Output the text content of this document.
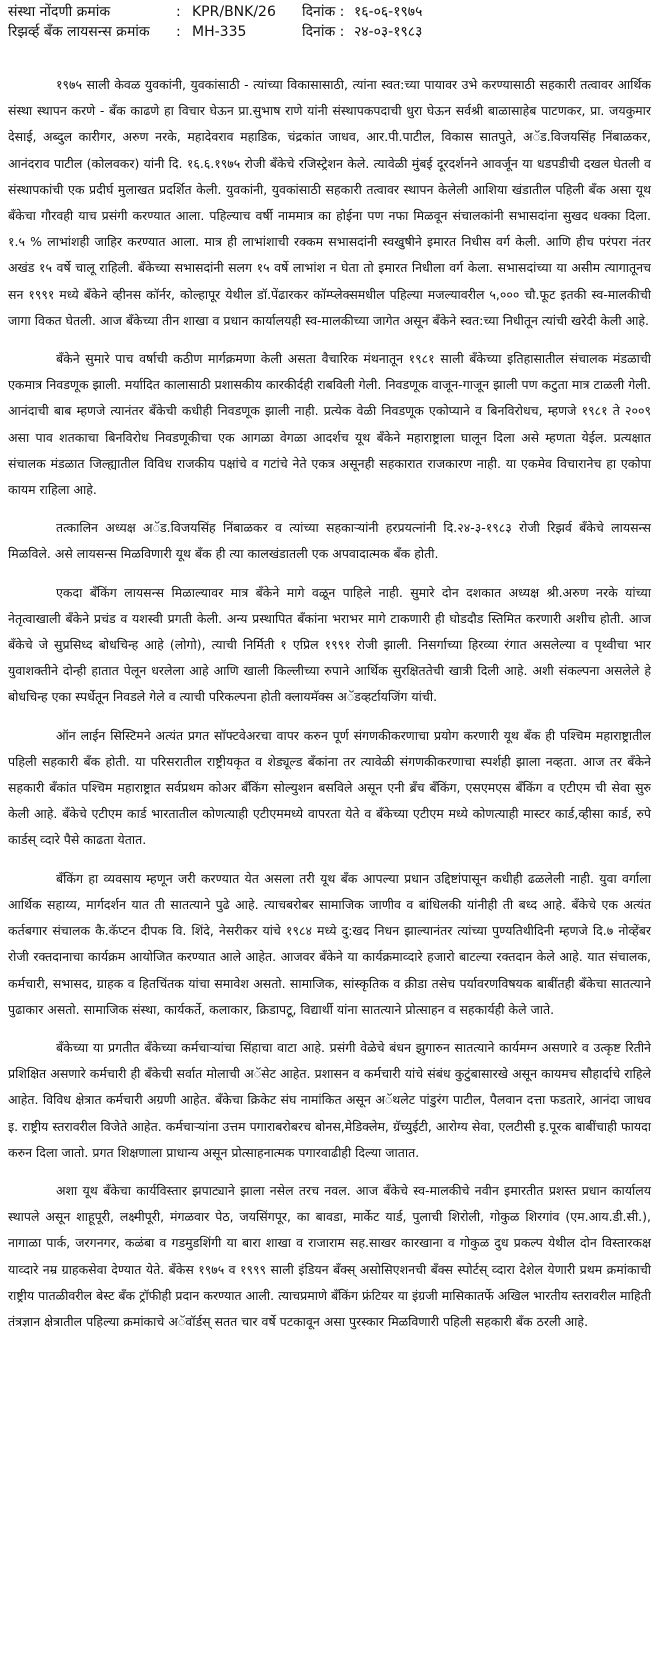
संस्था नोंदणी क्रमांक	: KPR/BNK/26	दिनांक : १६-०६-१९७५
रिझर्व्ह बँक लायसन्स क्रमांक	: MH-335	दिनांक : २४-०३-१९८३

१९७५ साली केवळ युवकांनी, युवकांसाठी - त्यांच्या विकासासाठी, त्यांना स्वत:च्या पायावर उभे करण्यासाठी सहकारी तत्वावर आर्थिक संस्था स्थापन करणे - बँक काढणे हा विचार घेऊन प्रा.सुभाष राणे यांनी संस्थापकपदाची धुरा घेऊन सर्वश्री बाळासाहेब पाटणकर, प्रा. जयकुमार देसाई, अब्दुल कारीगर, अरुण नरके, महादेवराव महाडिक, चंद्रकांत जाधव, आर.पी.पाटील, विकास सातपुते, अॅड.विजयसिंह निंबाळकर, आनंदराव पाटील (कोलवकर) यांनी दि. १६.६.१९७५ रोजी बँकेचे रजिस्ट्रेशन केले. त्यावेळी मुंबई दूरदर्शनने आवर्जून या धडपडीची दखल घेतली व संस्थापकांची एक प्रदीर्घ मुलाखत प्रदर्शित केली. युवकांनी, युवकांसाठी सहकारी तत्वावर स्थापन केलेली आशिया खंडातील पहिली बँक असा यूथ बँकेचा गौरवही याच प्रसंगी करण्यात आला. पहिल्याच वर्षी नाममात्र का होईना पण नफा मिळवून संचालकांनी सभासदांना सुखद धक्का दिला. १.५ % लाभांशही जाहिर करण्यात आला. मात्र ही लाभांशाची रक्कम सभासदांनी स्वखुषीने इमारत निधीस वर्ग केली. आणि हीच परंपरा नंतर अखंड १५ वर्षे चालू राहिली. बँकेच्या सभासदांनी सलग १५ वर्षे लाभांश न घेता तो इमारत निधीला वर्ग केला. सभासदांच्या या असीम त्यागातूनच सन १९९१ मध्ये बँकेने व्हीनस कॉर्नर, कोल्हापूर येथील डॉ.पेंढारकर कॉम्प्लेक्समधील पहिल्या मजल्यावरील ५,००० चौ.फूट इतकी स्व-मालकीची जागा विकत घेतली. आज बँकेच्या तीन शाखा व प्रधान कार्यालयही स्व-मालकीच्या जागेत असून बँकेने स्वत:च्या निधीतून त्यांची खरेदी केली आहे.

बँकेने सुमारे पाच वर्षाची कठीण मार्गक्रमणा केली असता वैचारिक मंथनातून १९८१ साली बँकेच्या इतिहासातील संचालक मंडळाची एकमात्र निवडणूक झाली. मर्यादित कालासाठी प्रशासकीय कारकीर्दही राबविली गेली. निवडणूक वाजून-गाजून झाली पण कटुता मात्र टाळली गेली. आनंदाची बाब म्हणजे त्यानंतर बँकेची कधीही निवडणूक झाली नाही. प्रत्येक वेळी निवडणूक एकोप्याने व बिनविरोधच, म्हणजे १९८१ ते २००९ असा पाव शतकाचा बिनविरोध निवडणूकीचा एक आगळा वेगळा आदर्शच यूथ बँकेने महाराष्ट्राला घालून दिला असे म्हणता येईल. प्रत्यक्षात संचालक मंडळात जिल्ह्यातील विविध राजकीय पक्षांचे व गटांचे नेते एकत्र असूनही सहकारात राजकारण नाही. या एकमेव विचारानेच हा एकोपा कायम राहिला आहे.

तत्कालिन अध्यक्ष अॅड.विजयसिंह निंबाळकर व त्यांच्या सहकाऱ्यांनी हरप्रयत्नांनी दि.२४-३-१९८३ रोजी रिझर्व बँकेचे लायसन्स मिळविले. असे लायसन्स मिळविणारी यूथ बँक ही त्या कालखंडातली एक अपवादात्मक बँक होती.

एकदा बँकिंग लायसन्स मिळाल्यावर मात्र बँकेने मागे वळून पाहिले नाही. सुमारे दोन दशकात अध्यक्ष श्री.अरुण नरके यांच्या नेतृत्वाखाली बँकेने प्रचंड व यशस्वी प्रगती केली. अन्य प्रस्थापित बँकांना भराभर मागे टाकणारी ही घोडदौड स्तिमित करणारी अशीच होती. आज बँकेचे जे सुप्रसिध्द बोधचिन्ह आहे (लोगो), त्याची निर्मिती १ एप्रिल १९९१ रोजी झाली. निसर्गाच्या हिरव्या रंगात असलेल्या व पृथ्वीचा भार युवाशक्तीने दोन्ही हातात पेलून धरलेला आहे आणि खाली किल्लीच्या रुपाने आर्थिक सुरक्षिततेची खात्री दिली आहे. अशी संकल्पना असलेले हे बोधचिन्ह एका स्पर्धेतून निवडले गेले व त्याची परिकल्पना होती क्लायमॅक्स अॅडव्हर्टायजिंग यांची.

ऑन लाईन सिस्टिमने अत्यंत प्रगत सॉफ्टवेअरचा वापर करुन पूर्ण संगणकीकरणाचा प्रयोग करणारी यूथ बँक ही पश्चिम महाराष्ट्रातील पहिली सहकारी बँक होती. या परिसरातील राष्ट्रीयकृत व शेड्यूल्ड बँकांना तर त्यावेळी संगणकीकरणाचा स्पर्शही झाला नव्हता. आज तर बँकेने सहकारी बँकांत पश्चिम महाराष्ट्रात सर्वप्रथम कोअर बँकिंग सोल्युशन बसविले असून एनी ब्रँच बँकिंग, एसएमएस बँकिंग व एटीएम ची सेवा सुरु केली आहे. बँकेचे एटीएम कार्ड भारतातील कोणत्याही एटीएममध्ये वापरता येते व बँकेच्या एटीएम मध्ये कोणत्याही मास्टर कार्ड,व्हीसा कार्ड, रुपे कार्डस् व्दारे पैसे काढता येतात.

बँकिंग हा व्यवसाय म्हणून जरी करण्यात येत असला तरी यूथ बँक आपल्या प्रधान उद्दिष्टांपासून कधीही ढळलेली नाही. युवा वर्गाला आर्थिक सहाय्य, मार्गदर्शन यात ती सातत्याने पुढे आहे. त्याचबरोबर सामाजिक जाणीव व बांधिलकी यांनीही ती बध्द आहे. बँकेचे एक अत्यंत कर्तबगार संचालक कै.कॅप्टन दीपक वि. शिंदे, नेसरीकर यांचे १९८४ मध्ये दु:खद निधन झाल्यानंतर त्यांच्या पुण्यतिथीदिनी म्हणजे दि.७ नोव्हेंबर रोजी रक्तदानाचा कार्यक्रम आयोजित करण्यात आले आहेत. आजवर बँकेने या कार्यक्रमाव्दारे हजारो बाटल्या रक्तदान केले आहे. यात संचालक, कर्मचारी, सभासद, ग्राहक व हितचिंतक यांचा समावेश असतो. सामाजिक, सांस्कृतिक व क्रीडा तसेच पर्यावरणविषयक बाबींतही बँकेचा सातत्याने पुढाकार असतो. सामाजिक संस्था, कार्यकर्ते, कलाकार, क्रिडापटू, विद्यार्थी यांना सातत्याने प्रोत्साहन व सहकार्यही केले जाते.

बँकेच्या या प्रगतीत बँकेच्या कर्मचाऱ्यांचा सिंहाचा वाटा आहे. प्रसंगी वेळेचे बंधन झुगारुन सातत्याने कार्यमग्न असणारे व उत्कृष्ट रितीने प्रशिक्षित असणारे कर्मचारी ही बँकेची सर्वात मोलाची अॅसेट आहेत. प्रशासन व कर्मचारी यांचे संबंध कुटुंबासारखे असून कायमच सौहार्दाचे राहिले आहेत. विविध क्षेत्रात कर्मचारी अग्रणी आहेत. बँकेचा क्रिकेट संघ नामांकित असून अॅथलेट पांडुरंग पाटील, पैलवान दत्ता फडतारे, आनंदा जाधव इ. राष्ट्रीय स्तरावरील विजेते आहेत. कर्मचाऱ्यांना उत्तम पगाराबरोबरच बोनस,मेडिक्लेम, ग्रॅच्युईटी, आरोग्य सेवा, एलटीसी इ.पूरक बाबींचाही फायदा करुन दिला जातो. प्रगत शिक्षणाला प्राधान्य असून प्रोत्साहनात्मक पगारवाढीही दिल्या जातात.

अशा यूथ बँकेचा कार्यविस्तार झपाट्याने झाला नसेल तरच नवल. आज बँकेचे स्व-मालकीचे नवीन इमारतीत प्रशस्त प्रधान कार्यालय स्थापले असून शाहूपूरी, लक्ष्मीपूरी, मंगळवार पेठ, जयसिंगपूर, का बावडा, मार्केट यार्ड, पुलाची शिरोली, गोकुळ शिरगांव (एम.आय.डी.सी.), नागाळा पार्क, जरगनगर, कळंबा व गडमुडशिंगी या बारा शाखा व राजाराम सह.साखर कारखाना व गोकुळ दुध प्रकल्प येथील दोन विस्तारकक्ष याव्दारे नम्र ग्राहकसेवा देण्यात येते. बँकेस १९७५ व १९९९ साली इंडियन बँक्स् असोसिएशनची बँक्स स्पोर्टस् व्दारा देशेल येणारी प्रथम क्रमांकाची राष्ट्रीय पातळीवरील बेस्ट बँक ट्रॉफीही प्रदान करण्यात आली. त्याचप्रमाणे बँकिंग फ्रंटियर या इंग्रजी मासिकातर्फे अखिल भारतीय स्तरावरील माहिती तंत्रज्ञान क्षेत्रातील पहिल्या क्रमांकाचे अॅवॉर्डस् सतत चार वर्षे पटकावून असा पुरस्कार मिळविणारी पहिली सहकारी बँक ठरली आहे.
